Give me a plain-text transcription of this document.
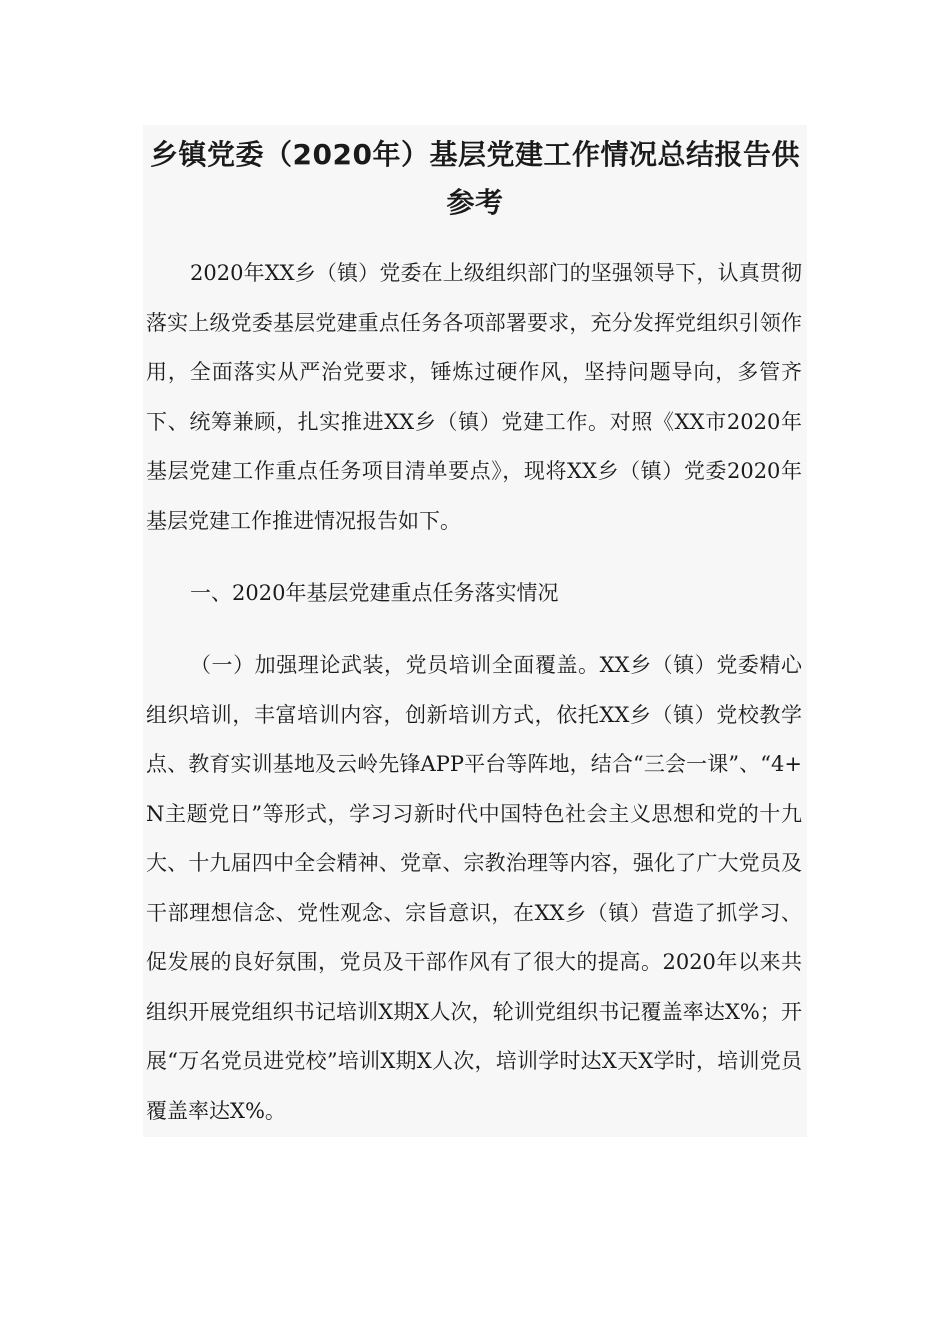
乡镇党委（2020年）基层党建工作情况总结报告供参考

2020年XX乡（镇）党委在上级组织部门的坚强领导下，认真贯彻落实上级党委基层党建重点任务各项部署要求，充分发挥党组织引领作用，全面落实从严治党要求，锤炼过硬作风，坚持问题导向，多管齐下、统筹兼顾，扎实推进XX乡（镇）党建工作。对照《XX市2020年基层党建工作重点任务项目清单要点》，现将XX乡（镇）党委2020年基层党建工作推进情况报告如下。

一、2020年基层党建重点任务落实情况

（一）加强理论武装，党员培训全面覆盖。XX乡（镇）党委精心组织培训，丰富培训内容，创新培训方式，依托XX乡（镇）党校教学点、教育实训基地及云岭先锋APP平台等阵地，结合“三会一课”、“4+N主题党日”等形式，学习习新时代中国特色社会主义思想和党的十九大、十九届四中全会精神、党章、宗教治理等内容，强化了广大党员及干部理想信念、党性观念、宗旨意识，在XX乡（镇）营造了抓学习、促发展的良好氛围，党员及干部作风有了很大的提高。2020年以来共组织开展党组织书记培训X期X人次，轮训党组织书记覆盖率达X%；开展“万名党员进党校”培训X期X人次，培训学时达X天X学时，培训党员覆盖率达X%。
